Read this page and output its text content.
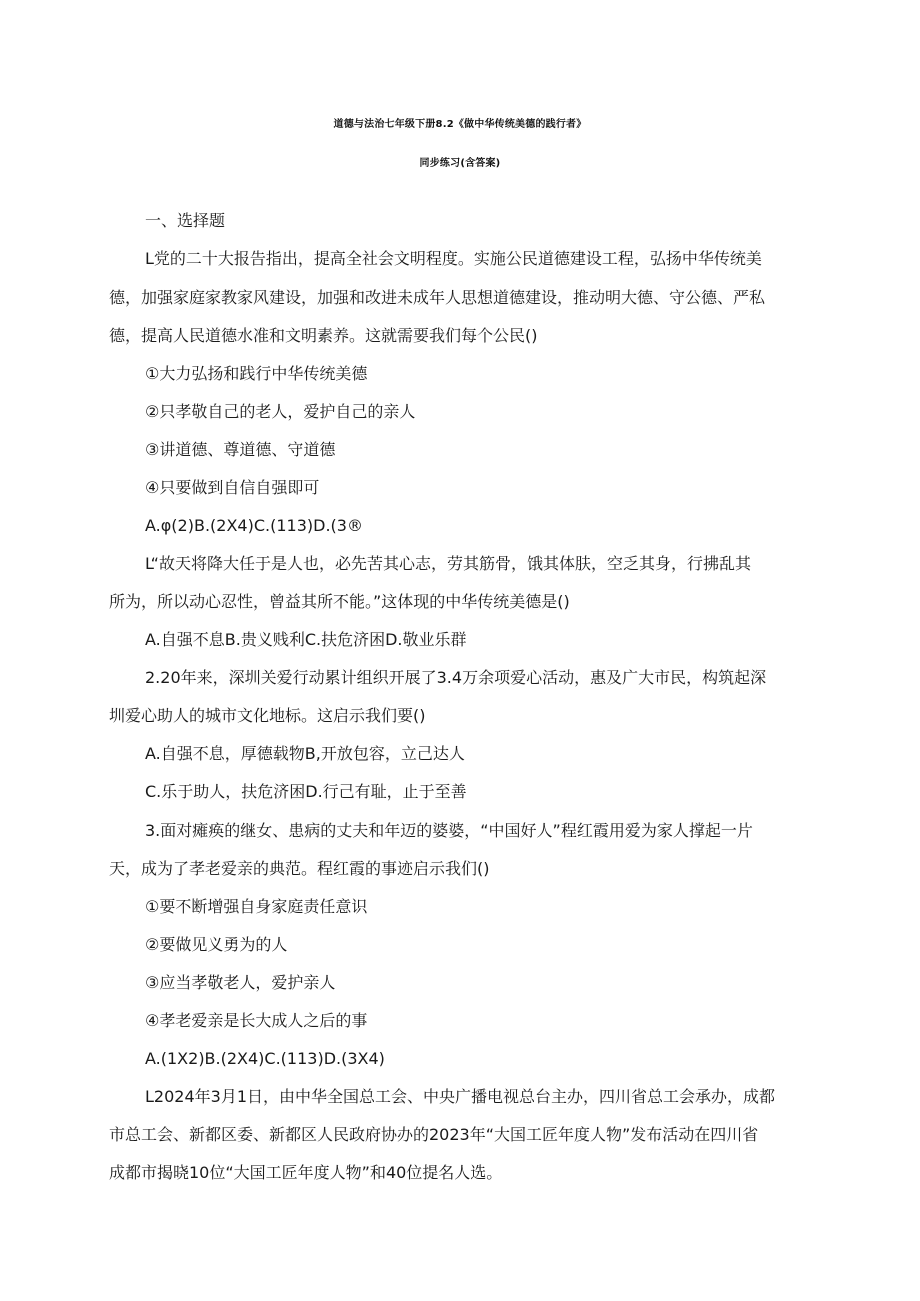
道德与法治七年级下册8.2《做中华传统美德的践行者》
同步练习(含答案)
一、选择题
L党的二十大报告指出，提高全社会文明程度。实施公民道德建设工程，弘扬中华传统美
德，加强家庭家教家风建设，加强和改进未成年人思想道德建设，推动明大德、守公德、严私
德，提高人民道德水准和文明素养。这就需要我们每个公民()
①大力弘扬和践行中华传统美德
②只孝敬自己的老人，爱护自己的亲人
③讲道德、尊道德、守道德
④只要做到自信自强即可
A.φ(2)B.(2X4)C.(113)D.(3®
L“故天将降大任于是人也，必先苦其心志，劳其筋骨，饿其体肤，空乏其身，行拂乱其
所为，所以动心忍性，曾益其所不能。”这体现的中华传统美德是()
A.自强不息B.贵义贱利C.扶危济困D.敬业乐群
2.20年来，深圳关爱行动累计组织开展了3.4万余项爱心活动，惠及广大市民，构筑起深
圳爱心助人的城市文化地标。这启示我们要()
A.自强不息，厚德载物B,开放包容，立己达人
C.乐于助人，扶危济困D.行己有耻，止于至善
3.面对瘫痪的继女、患病的丈夫和年迈的婆婆，“中国好人”程红霞用爱为家人撑起一片
天，成为了孝老爱亲的典范。程红霞的事迹启示我们()
①要不断增强自身家庭责任意识
②要做见义勇为的人
③应当孝敬老人，爱护亲人
④孝老爱亲是长大成人之后的事
A.(1X2)B.(2X4)C.(113)D.(3X4)
L2024年3月1日，由中华全国总工会、中央广播电视总台主办，四川省总工会承办，成都
市总工会、新都区委、新都区人民政府协办的2023年“大国工匠年度人物”发布活动在四川省
成都市揭晓10位“大国工匠年度人物”和40位提名人选。
